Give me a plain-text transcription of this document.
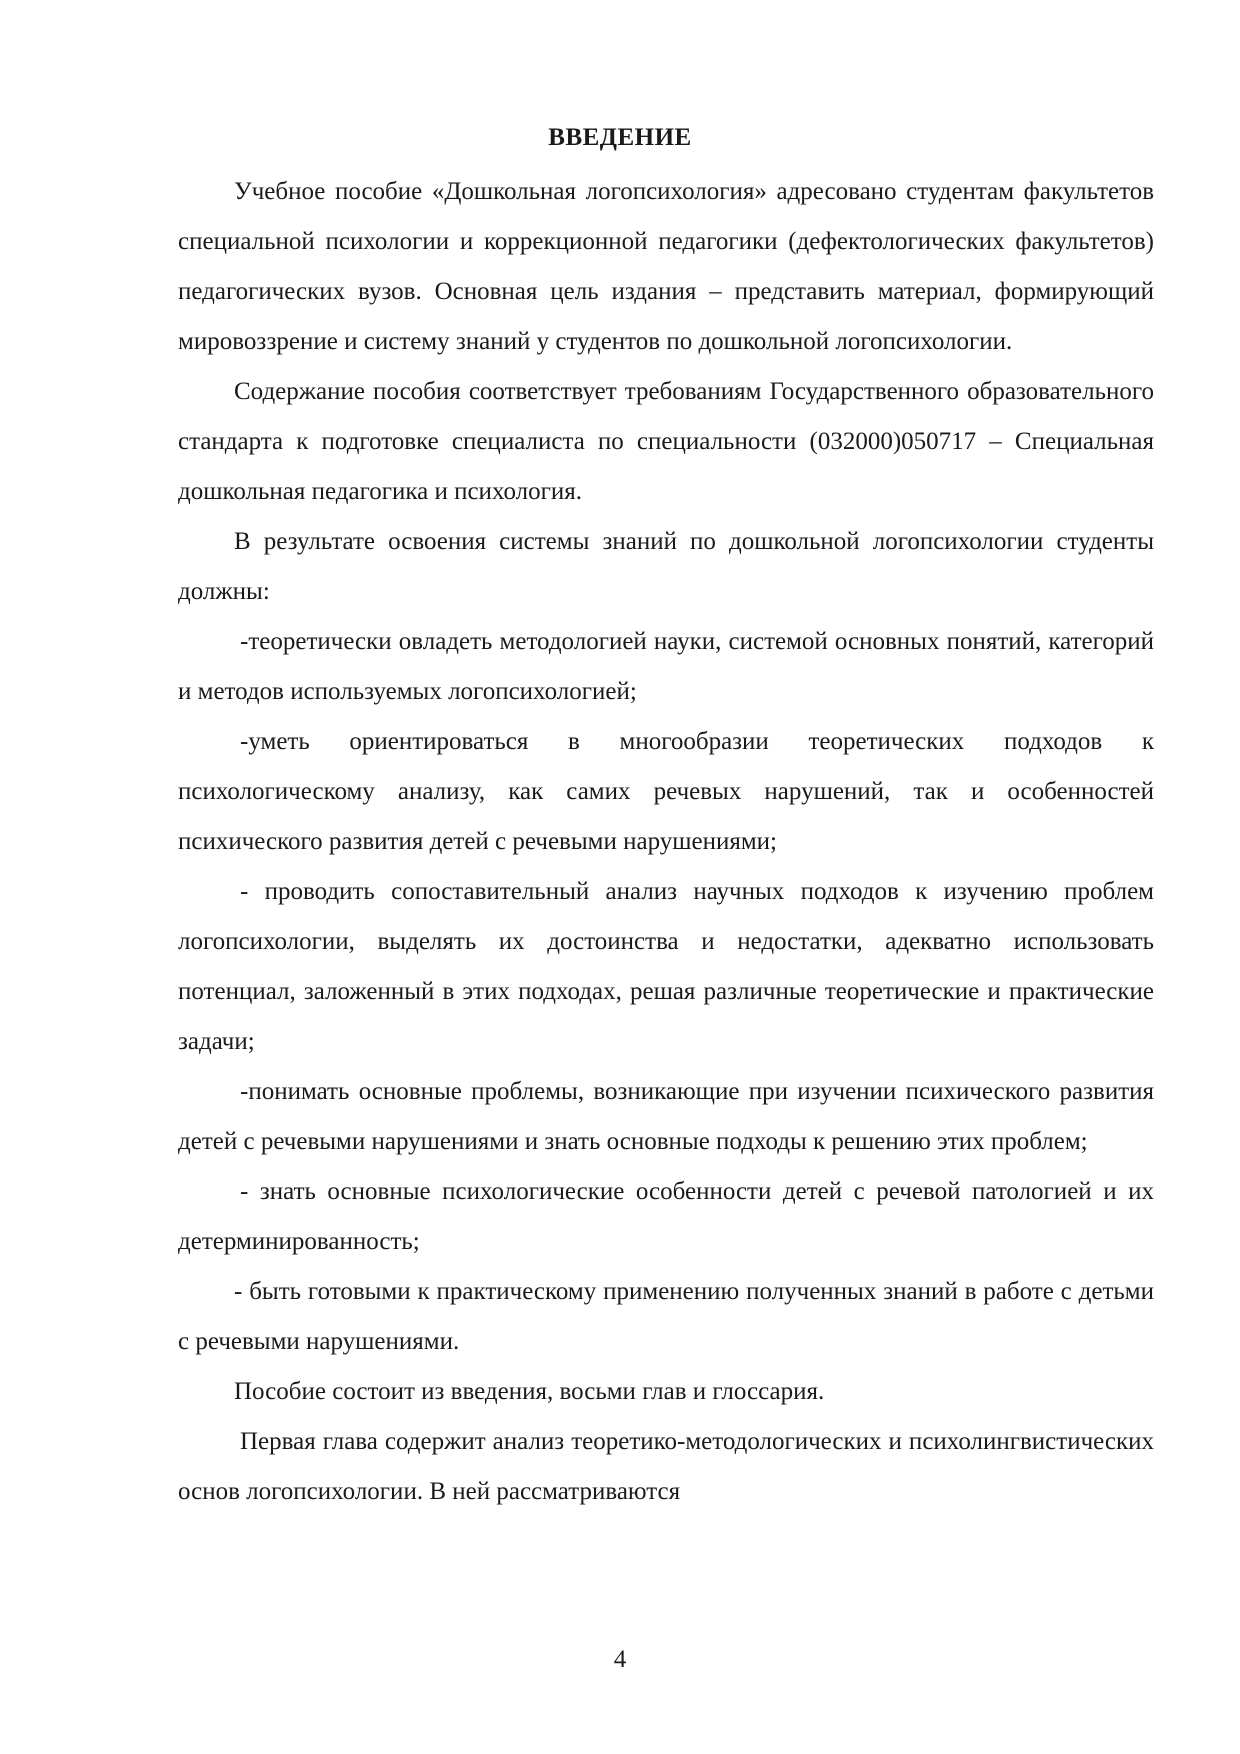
ВВЕДЕНИЕ

Учебное пособие «Дошкольная логопсихология» адресовано студентам факультетов специальной психологии и коррекционной педагогики (дефектологических факультетов) педагогических вузов. Основная цель издания – представить материал, формирующий мировоззрение и систему знаний у студентов по дошкольной логопсихологии.

Содержание пособия соответствует требованиям Государственного образовательного стандарта к подготовке специалиста по специальности (032000)050717 – Специальная дошкольная педагогика и психология.

В результате освоения системы знаний по дошкольной логопсихологии студенты должны:

-теоретически овладеть методологией науки, системой основных понятий, категорий и методов используемых логопсихологией;

-уметь ориентироваться в многообразии теоретических подходов к психологическому анализу, как самих речевых нарушений, так и особенностей психического развития детей с речевыми нарушениями;

- проводить сопоставительный анализ научных подходов к изучению проблем логопсихологии, выделять их достоинства и недостатки, адекватно использовать потенциал, заложенный в этих подходах, решая различные теоретические и практические задачи;

-понимать основные проблемы, возникающие при изучении психического развития детей с речевыми нарушениями и знать основные подходы к решению этих проблем;

- знать основные психологические особенности детей с речевой патологией и их детерминированность;

- быть готовыми к практическому применению полученных знаний в работе с детьми с речевыми нарушениями.

Пособие состоит из введения, восьми глав и глоссария.

Первая глава содержит анализ теоретико-методологических и психолингвистических основ логопсихологии. В ней рассматриваются

4
